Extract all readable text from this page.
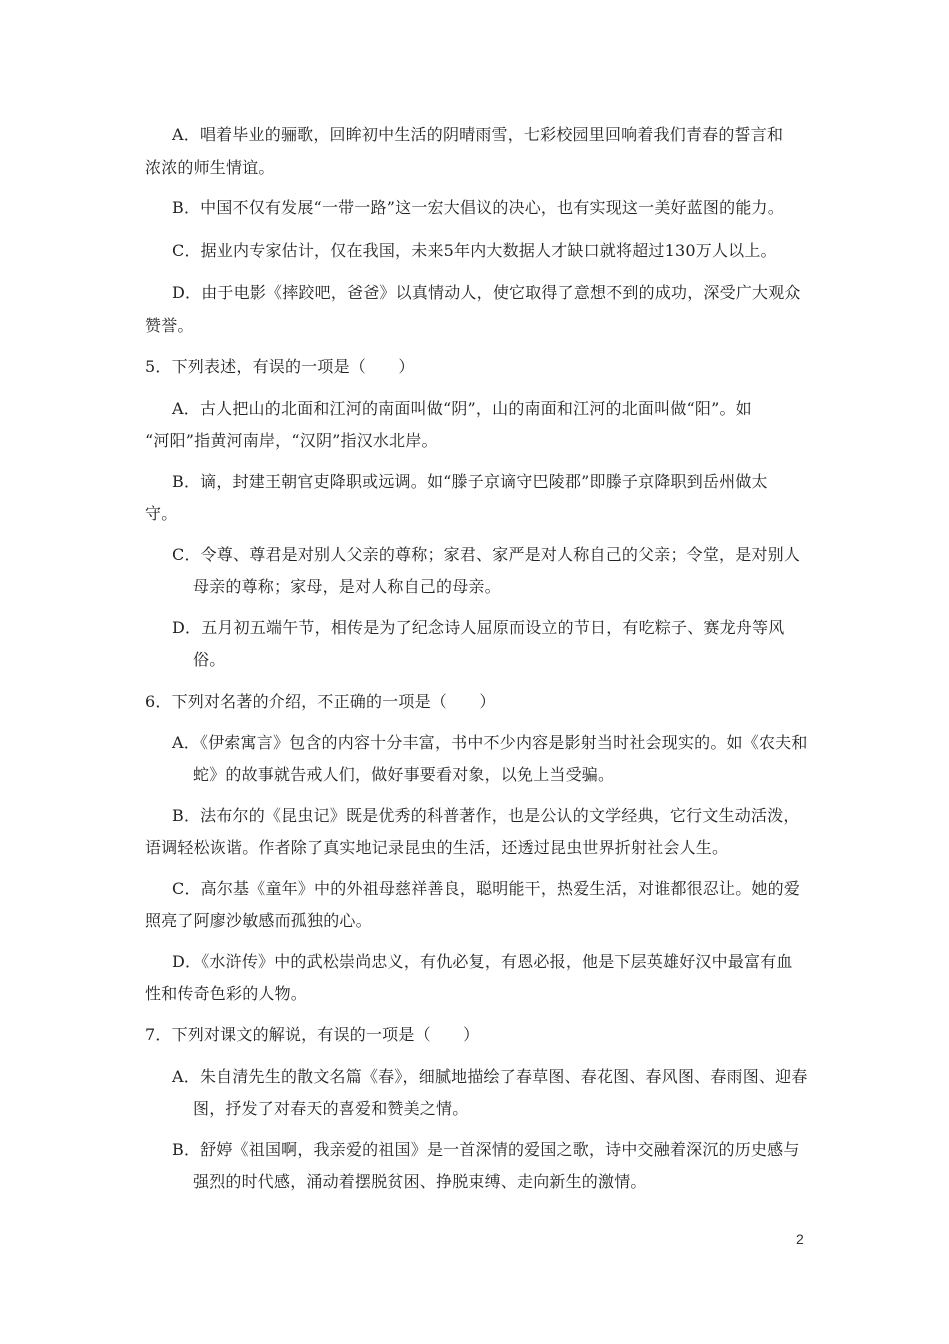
A．唱着毕业的骊歌，回眸初中生活的阴晴雨雪，七彩校园里回响着我们青春的誓言和
浓浓的师生情谊。
B．中国不仅有发展“一带一路”这一宏大倡议的决心，也有实现这一美好蓝图的能力。
C．据业内专家估计，仅在我国，未来5年内大数据人才缺口就将超过130万人以上。
D．由于电影《摔跤吧，爸爸》以真情动人，使它取得了意想不到的成功，深受广大观众
赞誉。
5．下列表述，有误的一项是（　　）
A．古人把山的北面和江河的南面叫做“阴”，山的南面和江河的北面叫做“阳”。如
“河阳”指黄河南岸，“汉阴”指汉水北岸。
B．谪，封建王朝官吏降职或远调。如“滕子京谪守巴陵郡”即滕子京降职到岳州做太
守。
C．令尊、尊君是对别人父亲的尊称；家君、家严是对人称自己的父亲；令堂，是对别人
母亲的尊称；家母，是对人称自己的母亲。
D．五月初五端午节，相传是为了纪念诗人屈原而设立的节日，有吃粽子、赛龙舟等风
俗。
6．下列对名著的介绍，不正确的一项是（　　）
A．《伊索寓言》包含的内容十分丰富，书中不少内容是影射当时社会现实的。如《农夫和
蛇》的故事就告戒人们，做好事要看对象，以免上当受骗。
B．法布尔的《昆虫记》既是优秀的科普著作，也是公认的文学经典，它行文生动活泼，
语调轻松诙谐。作者除了真实地记录昆虫的生活，还透过昆虫世界折射社会人生。
C．高尔基《童年》中的外祖母慈祥善良，聪明能干，热爱生活，对谁都很忍让。她的爱
照亮了阿廖沙敏感而孤独的心。
D．《水浒传》中的武松崇尚忠义，有仇必复，有恩必报，他是下层英雄好汉中最富有血
性和传奇色彩的人物。
7．下列对课文的解说，有误的一项是（　　）
A．朱自清先生的散文名篇《春》，细腻地描绘了春草图、春花图、春风图、春雨图、迎春
图，抒发了对春天的喜爱和赞美之情。
B．舒婷《祖国啊，我亲爱的祖国》是一首深情的爱国之歌，诗中交融着深沉的历史感与
强烈的时代感，涌动着摆脱贫困、挣脱束缚、走向新生的激情。
2
